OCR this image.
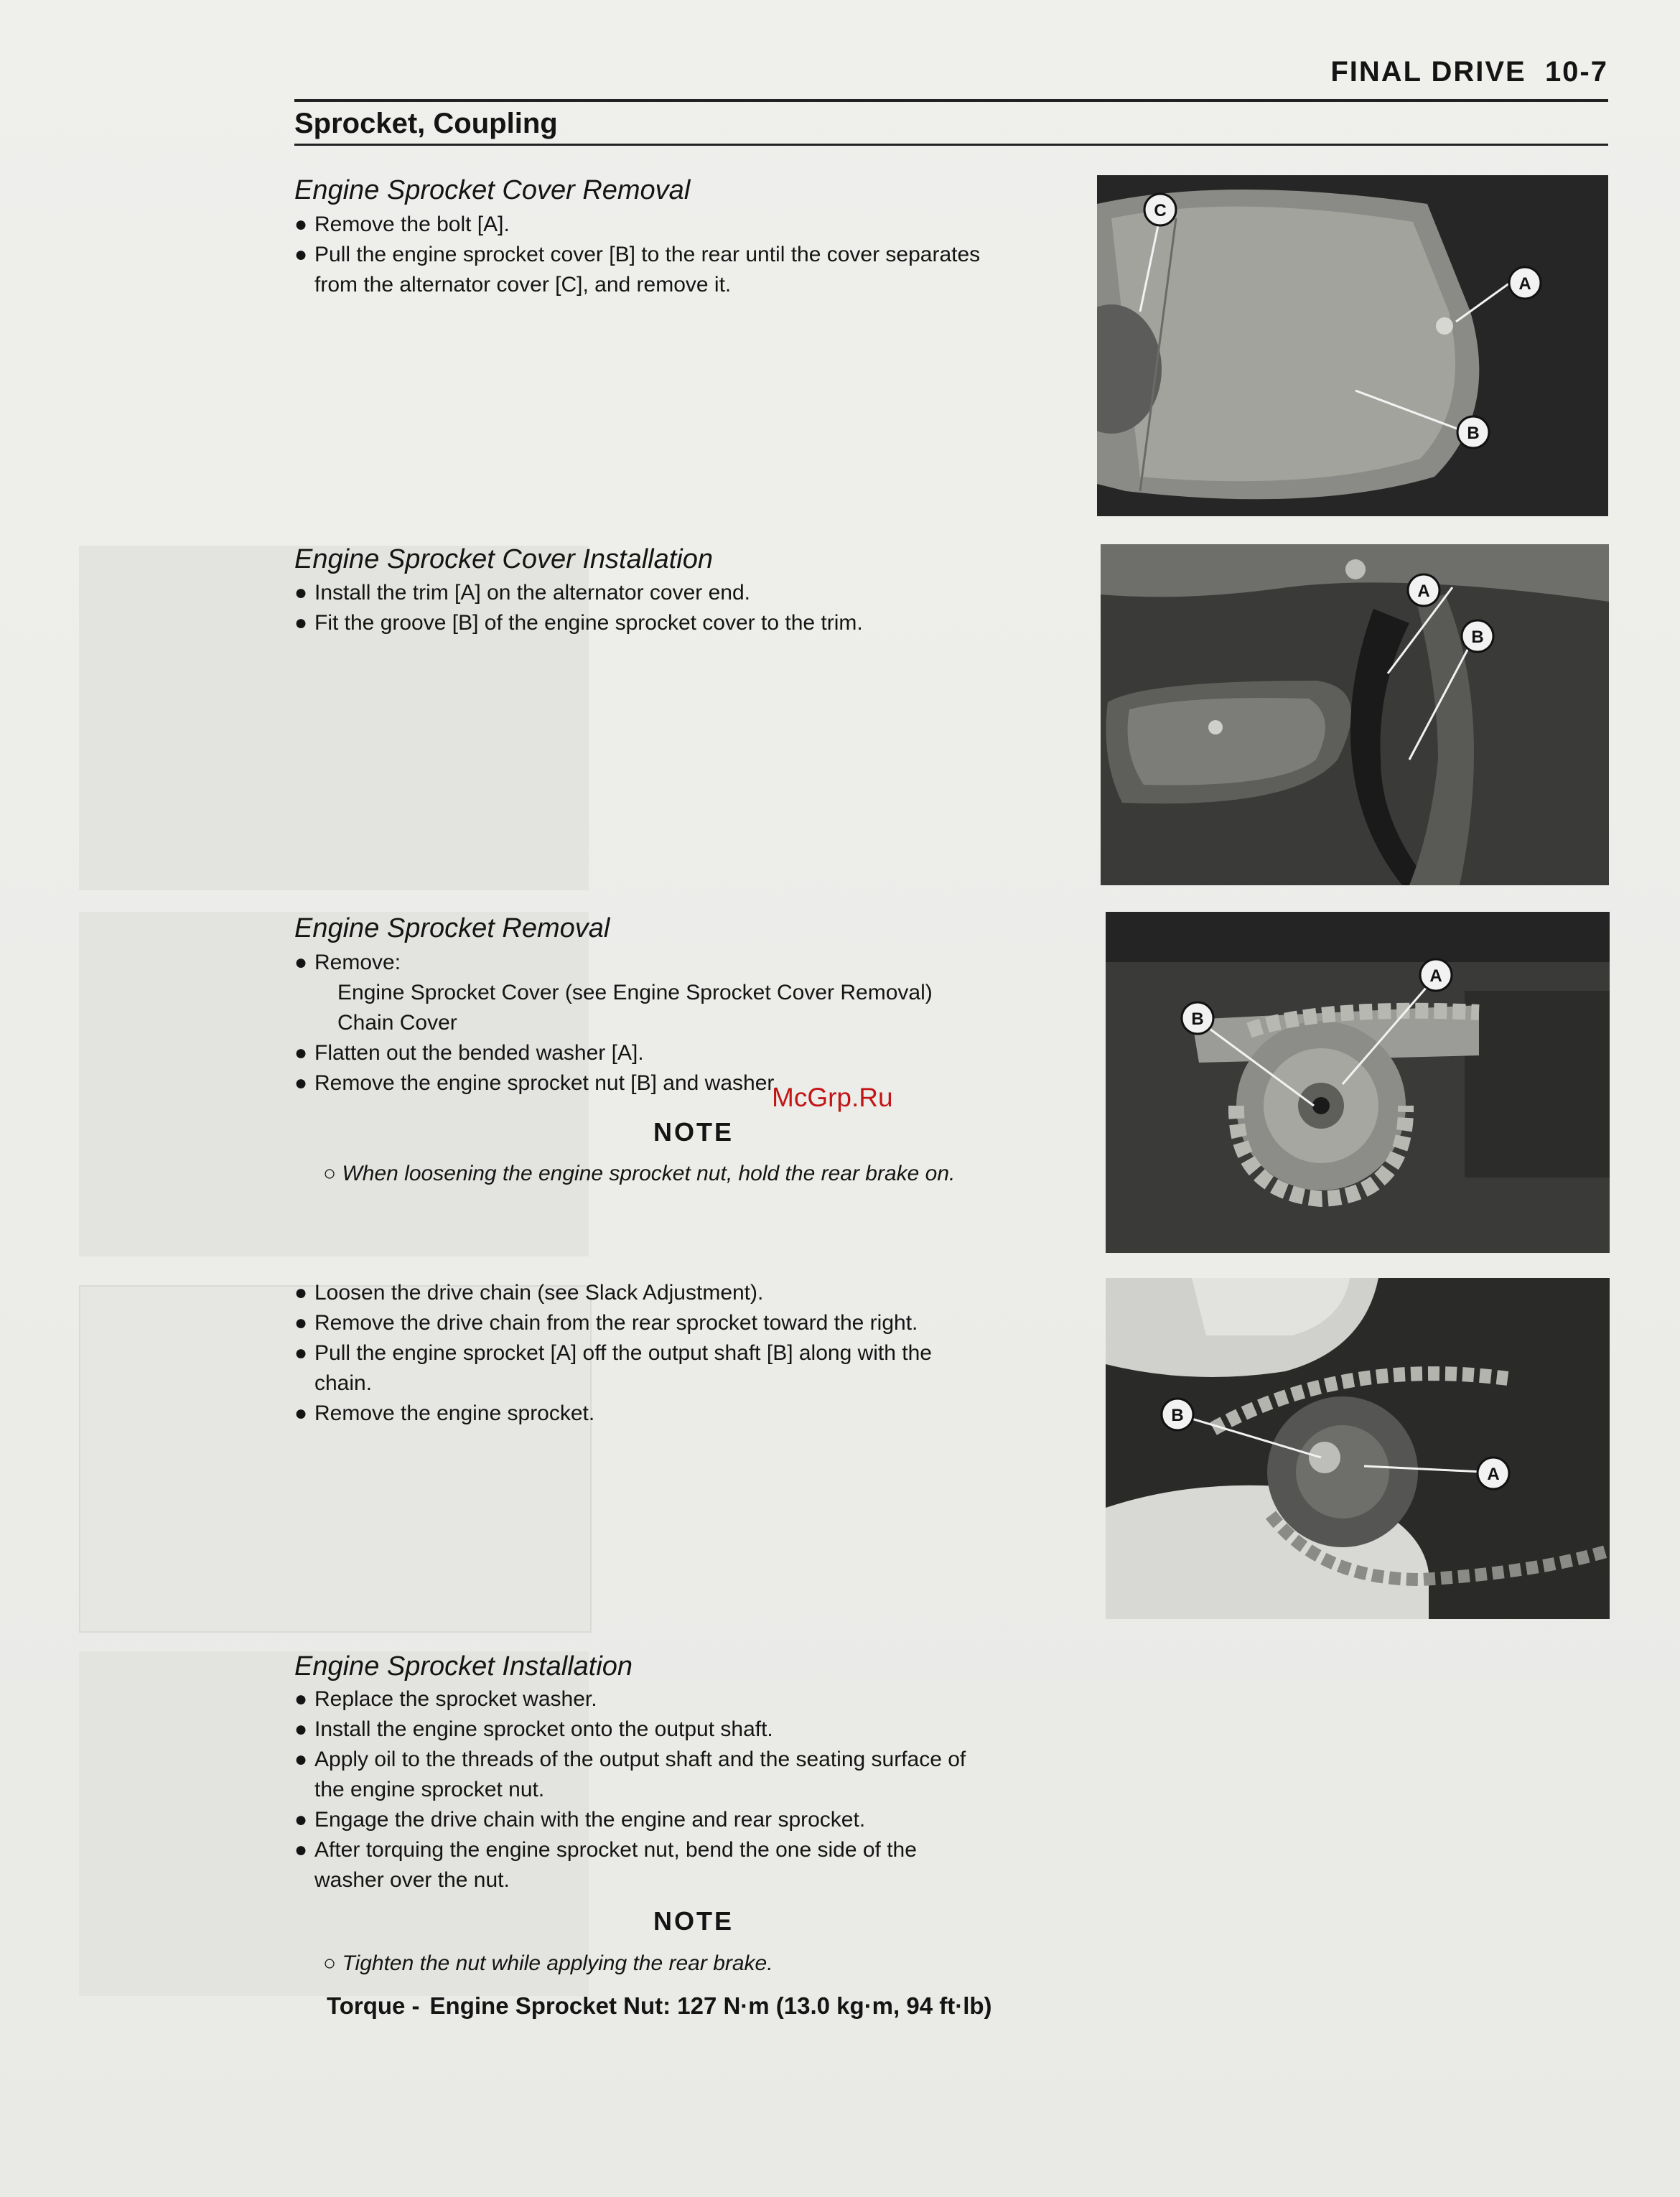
FINAL DRIVE 10-7
Sprocket, Coupling
Engine Sprocket Cover Removal
● Remove the bolt [A].
● Pull the engine sprocket cover [B] to the rear until the cover separates
from the alternator cover [C], and remove it.
Engine Sprocket Cover Installation
● Install the trim [A] on the alternator cover end.
● Fit the groove [B] of the engine sprocket cover to the trim.
Engine Sprocket Removal
● Remove:
Engine Sprocket Cover (see Engine Sprocket Cover Removal)
Chain Cover
● Flatten out the bended washer [A].
● Remove the engine sprocket nut [B] and washer.
NOTE
○ When loosening the engine sprocket nut, hold the rear brake on.
● Loosen the drive chain (see Slack Adjustment).
● Remove the drive chain from the rear sprocket toward the right.
● Pull the engine sprocket [A] off the output shaft [B] along with the
chain.
● Remove the engine sprocket.
Engine Sprocket Installation
● Replace the sprocket washer.
● Install the engine sprocket onto the output shaft.
● Apply oil to the threads of the output shaft and the seating surface of
the engine sprocket nut.
● Engage the drive chain with the engine and rear sprocket.
● After torquing the engine sprocket nut, bend the one side of the
washer over the nut.
NOTE
○ Tighten the nut while applying the rear brake.
Torque - Engine Sprocket Nut: 127 N·m (13.0 kg·m, 94 ft·lb)
McGrp.Ru
C
A
B
A
B
B
A
B
A
